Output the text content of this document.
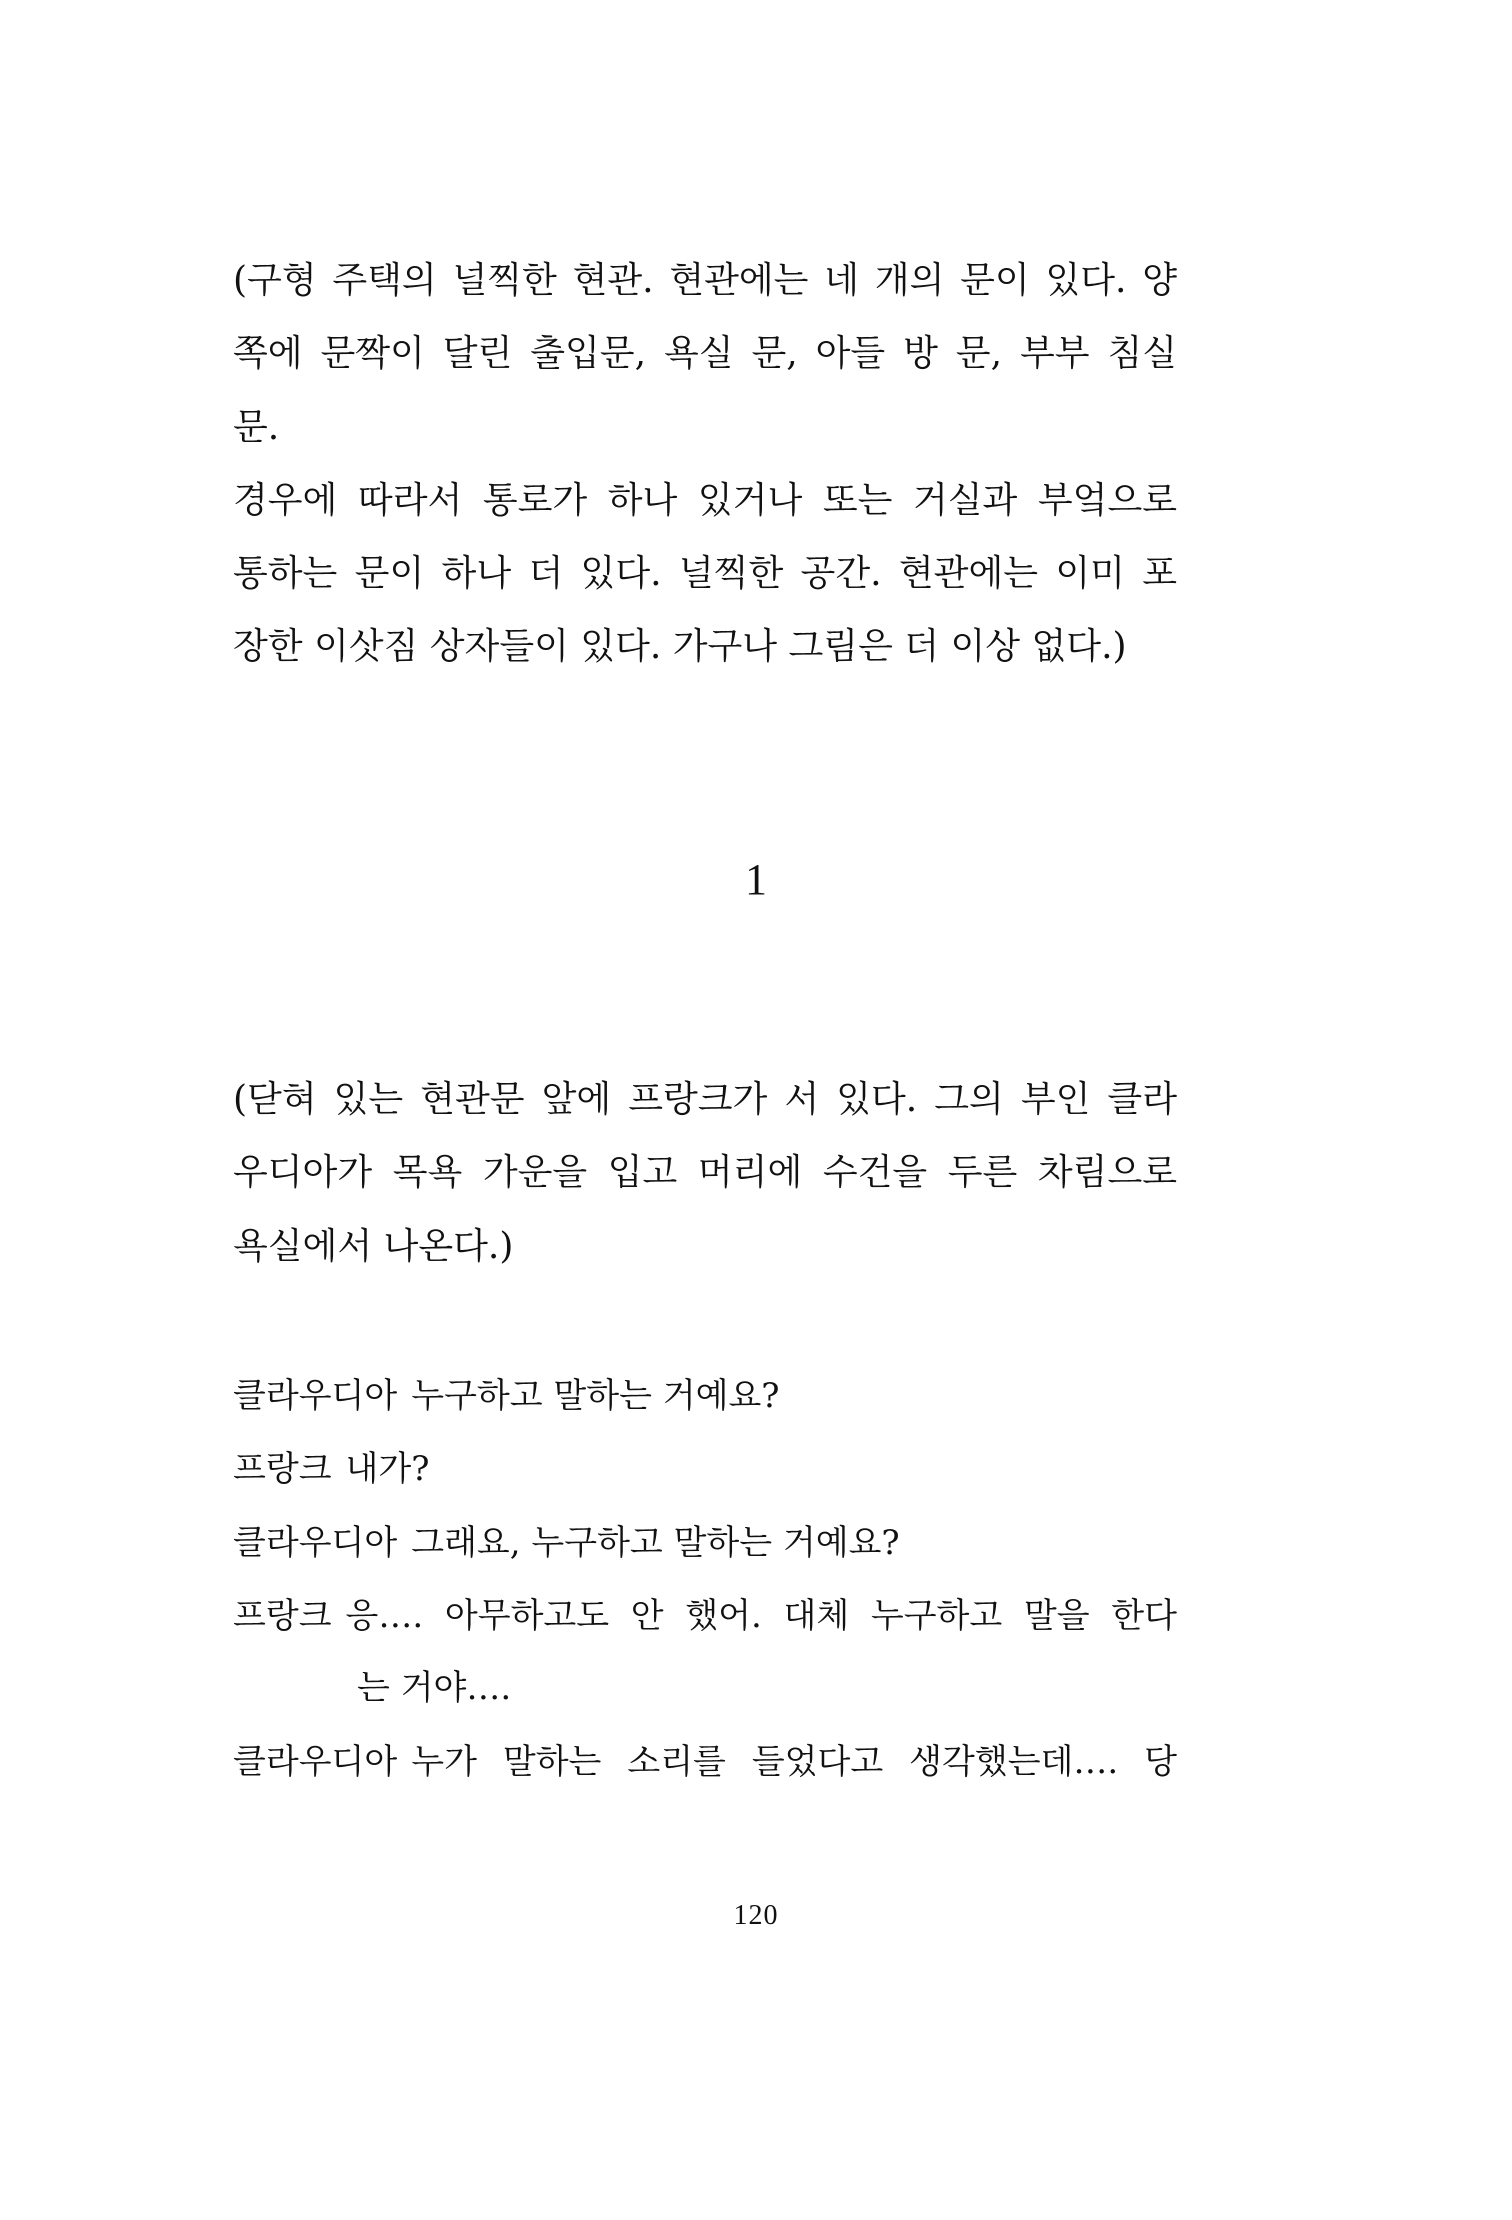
(구형 주택의 널찍한 현관. 현관에는 네 개의 문이 있다. 양
쪽에 문짝이 달린 출입문, 욕실 문, 아들 방 문, 부부 침실
문.
경우에 따라서 통로가 하나 있거나 또는 거실과 부엌으로
통하는 문이 하나 더 있다. 널찍한 공간. 현관에는 이미 포
장한 이삿짐 상자들이 있다. 가구나 그림은 더 이상 없다.)
1
(닫혀 있는 현관문 앞에 프랑크가 서 있다. 그의 부인 클라
우디아가 목욕 가운을 입고 머리에 수건을 두른 차림으로
욕실에서 나온다.)
클라우디아 누구하고 말하는 거예요?
프랑크 내가?
클라우디아 그래요, 누구하고 말하는 거예요?
프랑크 응…. 아무하고도 안 했어. 대체 누구하고 말을 한다
는 거야….
클라우디아 누가 말하는 소리를 들었다고 생각했는데…. 당
120
